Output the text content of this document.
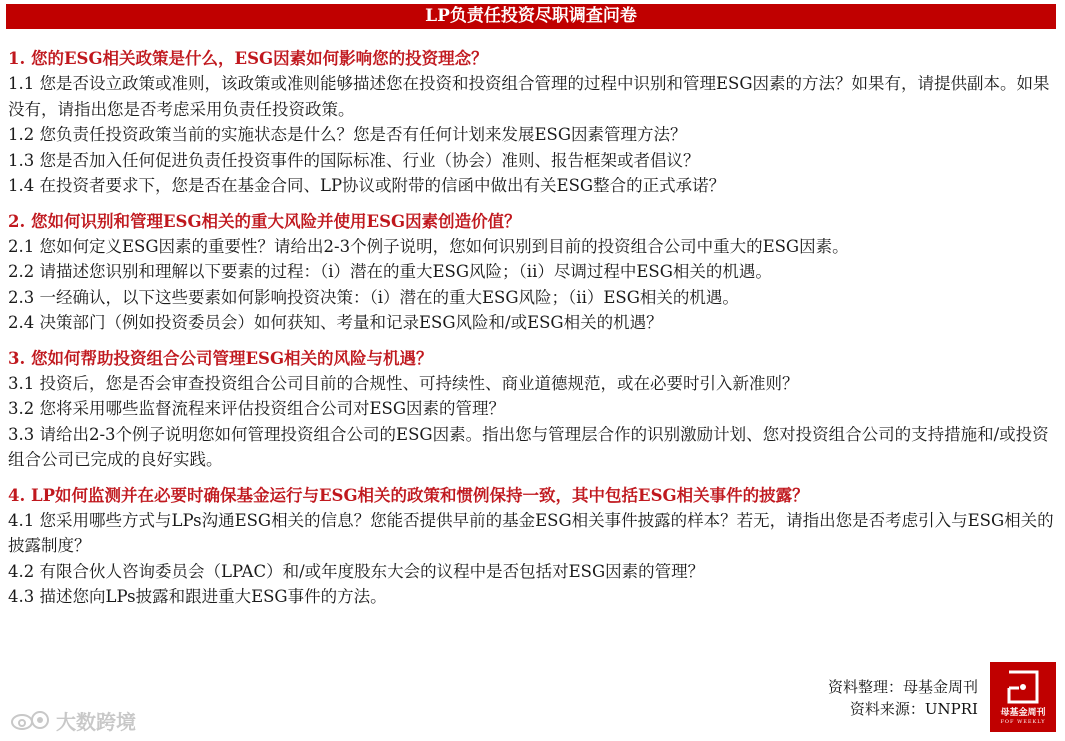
LP负责任投资尽职调查问卷
1. 您的ESG相关政策是什么，ESG因素如何影响您的投资理念？
1.1 您是否设立政策或准则，该政策或准则能够描述您在投资和投资组合管理的过程中识别和管理ESG因素的方法？如果有，请提供副本。如果没有，请指出您是否考虑采用负责任投资政策。
1.2 您负责任投资政策当前的实施状态是什么？您是否有任何计划来发展ESG因素管理方法？
1.3 您是否加入任何促进负责任投资事件的国际标准、行业（协会）准则、报告框架或者倡议？
1.4 在投资者要求下，您是否在基金合同、LP协议或附带的信函中做出有关ESG整合的正式承诺？
2. 您如何识别和管理ESG相关的重大风险并使用ESG因素创造价值？
2.1 您如何定义ESG因素的重要性？请给出2-3个例子说明，您如何识别到目前的投资组合公司中重大的ESG因素。
2.2 请描述您识别和理解以下要素的过程：（i）潜在的重大ESG风险；（ii）尽调过程中ESG相关的机遇。
2.3 一经确认，以下这些要素如何影响投资决策：（i）潜在的重大ESG风险；（ii）ESG相关的机遇。
2.4 决策部门（例如投资委员会）如何获知、考量和记录ESG风险和/或ESG相关的机遇？
3. 您如何帮助投资组合公司管理ESG相关的风险与机遇？
3.1 投资后，您是否会审查投资组合公司目前的合规性、可持续性、商业道德规范，或在必要时引入新准则？
3.2 您将采用哪些监督流程来评估投资组合公司对ESG因素的管理？
3.3 请给出2-3个例子说明您如何管理投资组合公司的ESG因素。指出您与管理层合作的识别激励计划、您对投资组合公司的支持措施和/或投资组合公司已完成的良好实践。
4. LP如何监测并在必要时确保基金运行与ESG相关的政策和惯例保持一致，其中包括ESG相关事件的披露？
4.1 您采用哪些方式与LPs沟通ESG相关的信息？您能否提供早前的基金ESG相关事件披露的样本？若无，请指出您是否考虑引入与ESG相关的披露制度？
4.2 有限合伙人咨询委员会（LPAC）和/或年度股东大会的议程中是否包括对ESG因素的管理？
4.3 描述您向LPs披露和跟进重大ESG事件的方法。
资料整理：母基金周刊
资料来源：UNPRI	母基金周刊
FOF WEEKLY
大数跨境
